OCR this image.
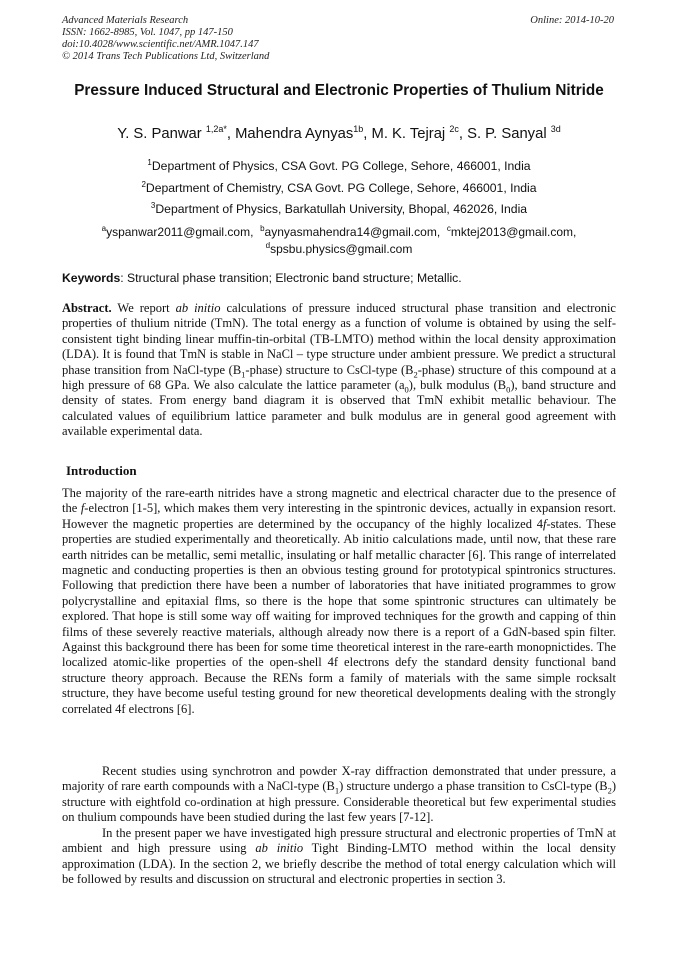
Advanced Materials Research
ISSN: 1662-8985, Vol. 1047, pp 147-150
doi:10.4028/www.scientific.net/AMR.1047.147
© 2014 Trans Tech Publications Ltd, Switzerland
Online: 2014-10-20
Pressure Induced Structural and Electronic Properties of Thulium Nitride
Y. S. Panwar $^{1,2a*}$, Mahendra Aynyas$^{1b}$, M. K. Tejraj $^{2c}$, S. P. Sanyal $^{3d}$
$^1$Department of Physics, CSA Govt. PG College, Sehore, 466001, India
$^2$Department of Chemistry, CSA Govt. PG College, Sehore, 466001, India
$^3$Department of Physics, Barkatullah University, Bhopal, 462026, India
$^a$yspanwar2011@gmail.com, $^b$aynyasmahendra14@gmail.com, $^c$mktej2013@gmail.com,
$^d$spsbu.physics@gmail.com
Keywords: Structural phase transition; Electronic band structure; Metallic.

Abstract. We report ab initio calculations of pressure induced structural phase transition and electronic properties of thulium nitride (TmN). The total energy as a function of volume is obtained by using the self-consistent tight binding linear muffin-tin-orbital (TB-LMTO) method within the local density approximation (LDA). It is found that TmN is stable in NaCl – type structure under ambient pressure. We predict a structural phase transition from NaCl-type $(B_1-phase)$ structure to CsCl-type $(B_2-phase)$ structure of this compound at a high pressure of 68 GPa. We also calculate the lattice parameter $(a_0)$, bulk modulus $(B_0)$, band structure and density of states. From energy band diagram it is observed that TmN exhibit metallic behaviour. The calculated values of equilibrium lattice parameter and bulk modulus are in general good agreement with available experimental data.

Introduction

The majority of the rare-earth nitrides have a strong magnetic and electrical character due to the presence of the f-electron [1-5], which makes them very interesting in the spintronic devices, actually in expansion resort. However the magnetic properties are determined by the occupancy of the highly localized 4f-states. These properties are studied experimentally and theoretically. Ab initio calculations made, until now, that these rare earth nitrides can be metallic, semi metallic, insulating or half metallic character [6]. This range of interrelated magnetic and conducting properties is then an obvious testing ground for prototypical spintronics structures. Following that prediction there have been a number of laboratories that have initiated programmes to grow polycrystalline and epitaxial flms, so there is the hope that some spintronic structures can ultimately be explored. That hope is still some way off waiting for improved techniques for the growth and capping of thin films of these severely reactive materials, although already now there is a report of a GdN-based spin filter. Against this background there has been for some time theoretical interest in the rare-earth monopnictides. The localized atomic-like properties of the open-shell 4f electrons defy the standard density functional band structure theory approach. Because the RENs form a family of materials with the same simple rocksalt structure, they have become useful testing ground for new theoretical developments dealing with the strongly correlated 4f electrons [6].

Recent studies using synchrotron and powder X-ray diffraction demonstrated that under pressure, a majority of rare earth compounds with a NaCl-type $(B_1)$ structure undergo a phase transition to CsCl-type $(B_2)$ structure with eightfold co-ordination at high pressure. Considerable theoretical but few experimental studies on thulium compounds have been studied during the last few years [7-12].

In the present paper we have investigated high pressure structural and electronic properties of TmN at ambient and high pressure using ab initio Tight Binding-LMTO method within the local density approximation (LDA). In the section 2, we briefly describe the method of total energy calculation which will be followed by results and discussion on structural and electronic properties in section 3.
